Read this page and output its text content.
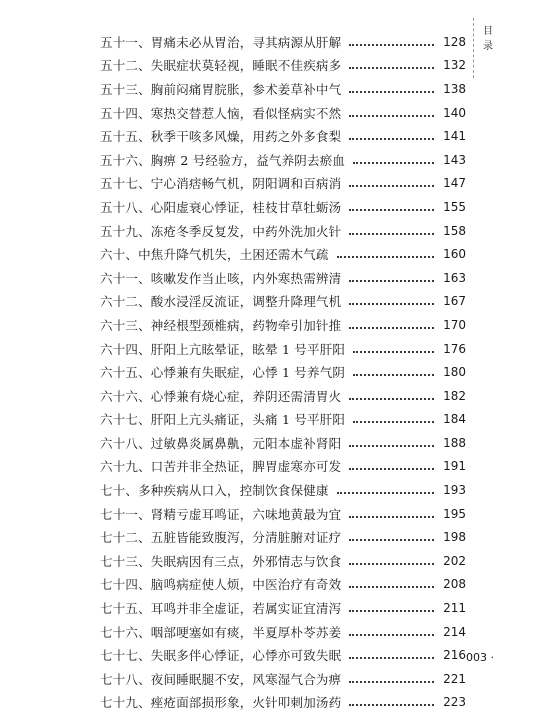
目录
五十一、胃痛未必从胃治，寻其病源从肝解	128
五十二、失眠症状莫轻视，睡眠不佳疾病多	132
五十三、胸前闷痛胃脘胀，参术姜草补中气	138
五十四、寒热交替惹人恼，看似怪病实不然	140
五十五、秋季干咳多风燥，用药之外多食梨	141
五十六、胸痹 2 号经验方，益气养阴去瘀血	143
五十七、宁心消痞畅气机，阴阳调和百病消	147
五十八、心阳虚衰心悸证，桂枝甘草牡蛎汤	155
五十九、冻疮冬季反复发，中药外洗加火针	158
六十、中焦升降气机失，土困还需木气疏	160
六十一、咳嗽发作当止咳，内外寒热需辨清	163
六十二、酸水浸淫反流证，调整升降理气机	167
六十三、神经根型颈椎病，药物牵引加针推	170
六十四、肝阳上亢眩晕证，眩晕 1 号平肝阳	176
六十五、心悸兼有失眠症，心悸 1 号养气阴	180
六十六、心悸兼有烧心症，养阴还需清胃火	182
六十七、肝阳上亢头痛证，头痛 1 号平肝阳	184
六十八、过敏鼻炎属鼻鼽，元阳本虚补肾阳	188
六十九、口苦并非全热证，脾胃虚寒亦可发	191
七十、多种疾病从口入，控制饮食保健康	193
七十一、肾精亏虚耳鸣证，六味地黄最为宜	195
七十二、五脏皆能致腹泻，分清脏腑对证疗	198
七十三、失眠病因有三点，外邪情志与饮食	202
七十四、脑鸣病症使人烦，中医治疗有奇效	208
七十五、耳鸣并非全虚证，若属实证宜清泻	211
七十六、咽部哽塞如有痰，半夏厚朴苓苏姜	214
七十七、失眠多伴心悸证，心悸亦可致失眠	216
七十八、夜间睡眠腿不安，风寒湿气合为痹	221
七十九、痤疮面部损形象，火针叩刺加汤药	223
· 003 ·
